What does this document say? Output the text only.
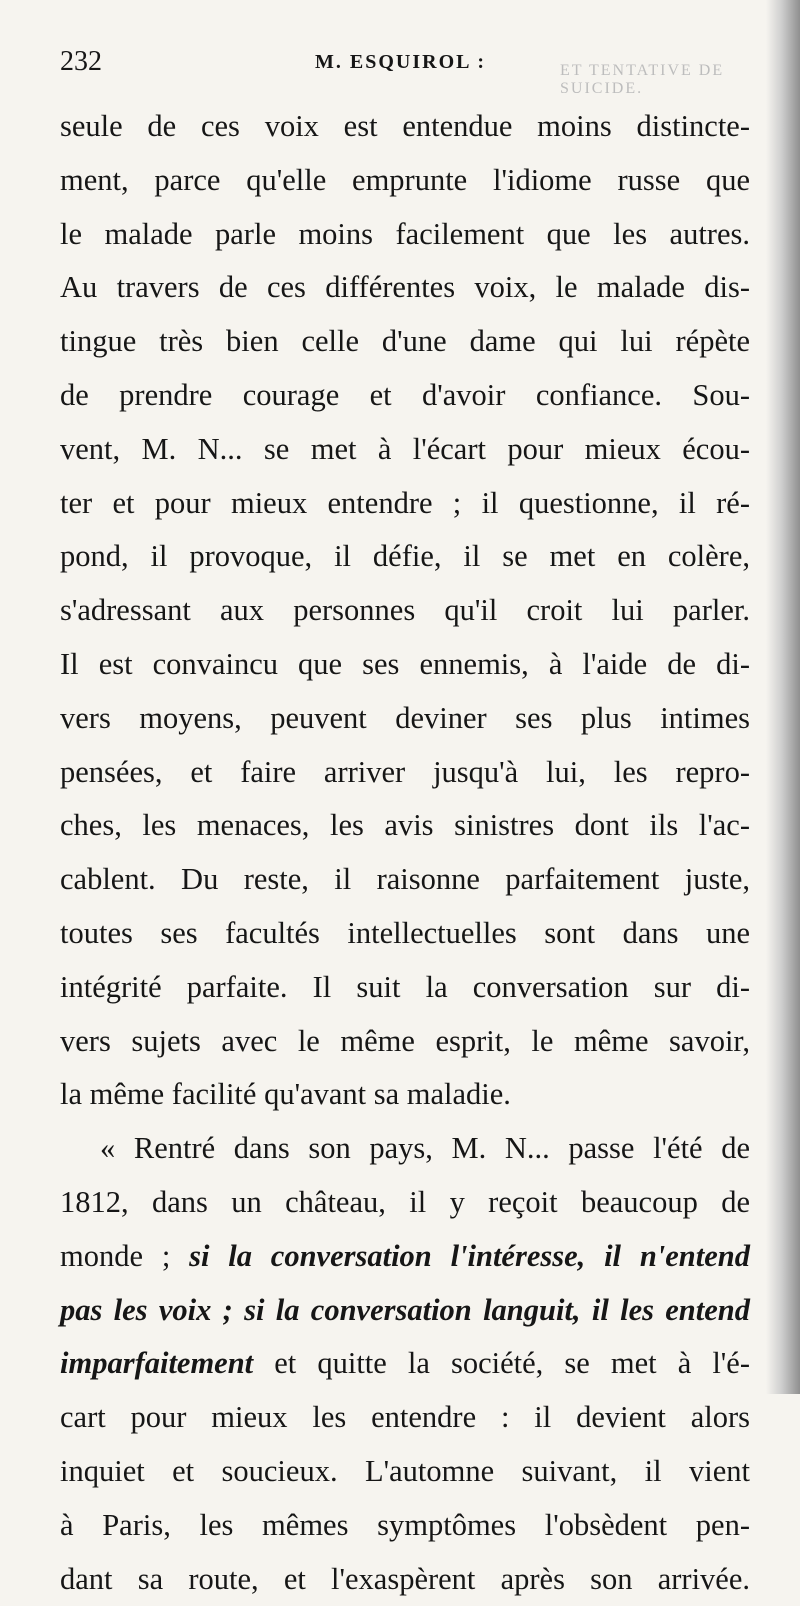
232	M. ESQUIROL :	ET TENTATIVE DE SUICIDE.
seule de ces voix est entendue moins distincte-
ment, parce qu'elle emprunte l'idiome russe que
le malade parle moins facilement que les autres.
Au travers de ces différentes voix, le malade dis-
tingue très bien celle d'une dame qui lui répète
de prendre courage et d'avoir confiance. Sou-
vent, M. N... se met à l'écart pour mieux écou-
ter et pour mieux entendre ; il questionne, il ré-
pond, il provoque, il défie, il se met en colère,
s'adressant aux personnes qu'il croit lui parler.
Il est convaincu que ses ennemis, à l'aide de di-
vers moyens, peuvent deviner ses plus intimes
pensées, et faire arriver jusqu'à lui, les repro-
ches, les menaces, les avis sinistres dont ils l'ac-
cablent. Du reste, il raisonne parfaitement juste,
toutes ses facultés intellectuelles sont dans une
intégrité parfaite. Il suit la conversation sur di-
vers sujets avec le même esprit, le même savoir,
la même facilité qu'avant sa maladie.
« Rentré dans son pays, M. N... passe l'été de
1812, dans un château, il y reçoit beaucoup de
monde ; si la conversation l'intéresse, il n'entend
pas les voix ; si la conversation languit, il les entend
imparfaitement et quitte la société, se met à l'é-
cart pour mieux les entendre : il devient alors
inquiet et soucieux. L'automne suivant, il vient
à Paris, les mêmes symptômes l'obsèdent pen-
dant sa route, et l'exaspèrent après son arrivée.
